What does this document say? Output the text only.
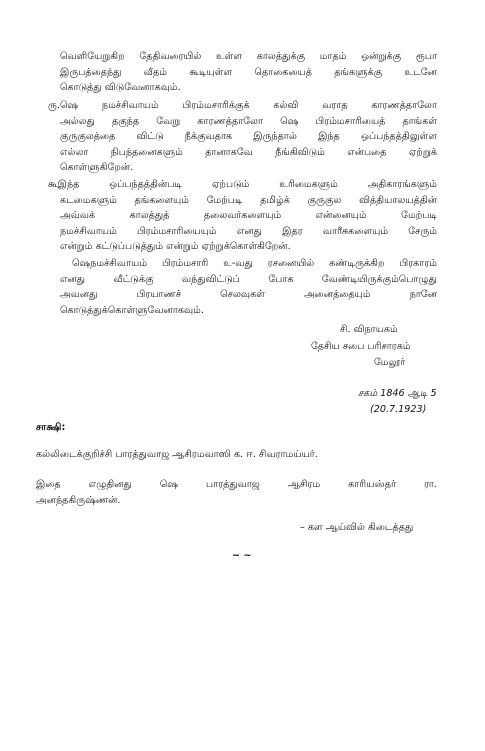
வெளியேறுகிற தேதிவரையில் உள்ள காலத்துக்கு மாதம் ஒன்றுக்கு ரூபா
இருபத்தைந்து வீதம் கூடியுள்ள தொகையைத் தங்களுக்கு உடனே
கொடுத்து விடுவேனாகவும்.
ரு.ஷெ நமச்சிவாயம் பிரம்மசாரிக்குக் கல்வி வராத காரணத்தாலோ
அல்லது தகுந்த வேறு காரணத்தாலோ ஷெ பிரம்மசாரியைத் தாங்கள்
குருகுலத்தை விட்டு நீக்குவதாக இருந்தால் இந்த ஒப்பந்தத்திலுள்ள
எல்லா நிபந்தனைகளும் தானாகவே நீங்கிவிடும் என்பதை ஏற்றுக்
கொள்ளுகிறேன்.
கூஇந்த ஒப்பந்தத்தின்படி ஏற்படும் உரிமைகளும் அதிகாரங்களும்
கடமைகளும் தங்களையும் மேற்படி தமிழ்க் குருகுல வித்தியாலயத்தின்
அவ்வக் காலத்துத் தலைவர்களையும் என்னையும் மேற்படி
நமச்சிவாயம் பிரம்மசாரியையும் எனது இதர வாரீசுகளையும் சேரும்
என்றும் கட்டுப்படுத்தும் என்றும் ஏற்றுக்கொள்கிறேன்.
ஷெநமச்சிவாயம் பிரம்மசாரி உ-வது ரசனையில் கண்டிருக்கிற பிரகாரம்
எனது வீட்டுக்கு வந்துவிட்டுப் போக வேண்டியிருக்கும்பொழுது
அவனது பிரயாணச் செலவுகள் அனைத்தையும் நானே
கொடுத்துக்கொள்ளுவேனாகவும்.
சி. விநாயகம்
தேசிய சபை பரிசாரகம்
மேலூர்
சகம் 1846 ஆடி 5
(20.7.1923)
சாக்ஷி:
கல்லிடைக்குறிச்சி பாரத்துவாஜ ஆசிரமவாஸி க. ஈ. சிவராமய்யர்.
இதை எழுதினது ஷெ பாரத்துவாஜ ஆசிரம காரியஸ்தர் ரா.
அனந்தகிருஷ்ணன்.
– கள ஆய்வில் கிடைத்தது
~ ~
